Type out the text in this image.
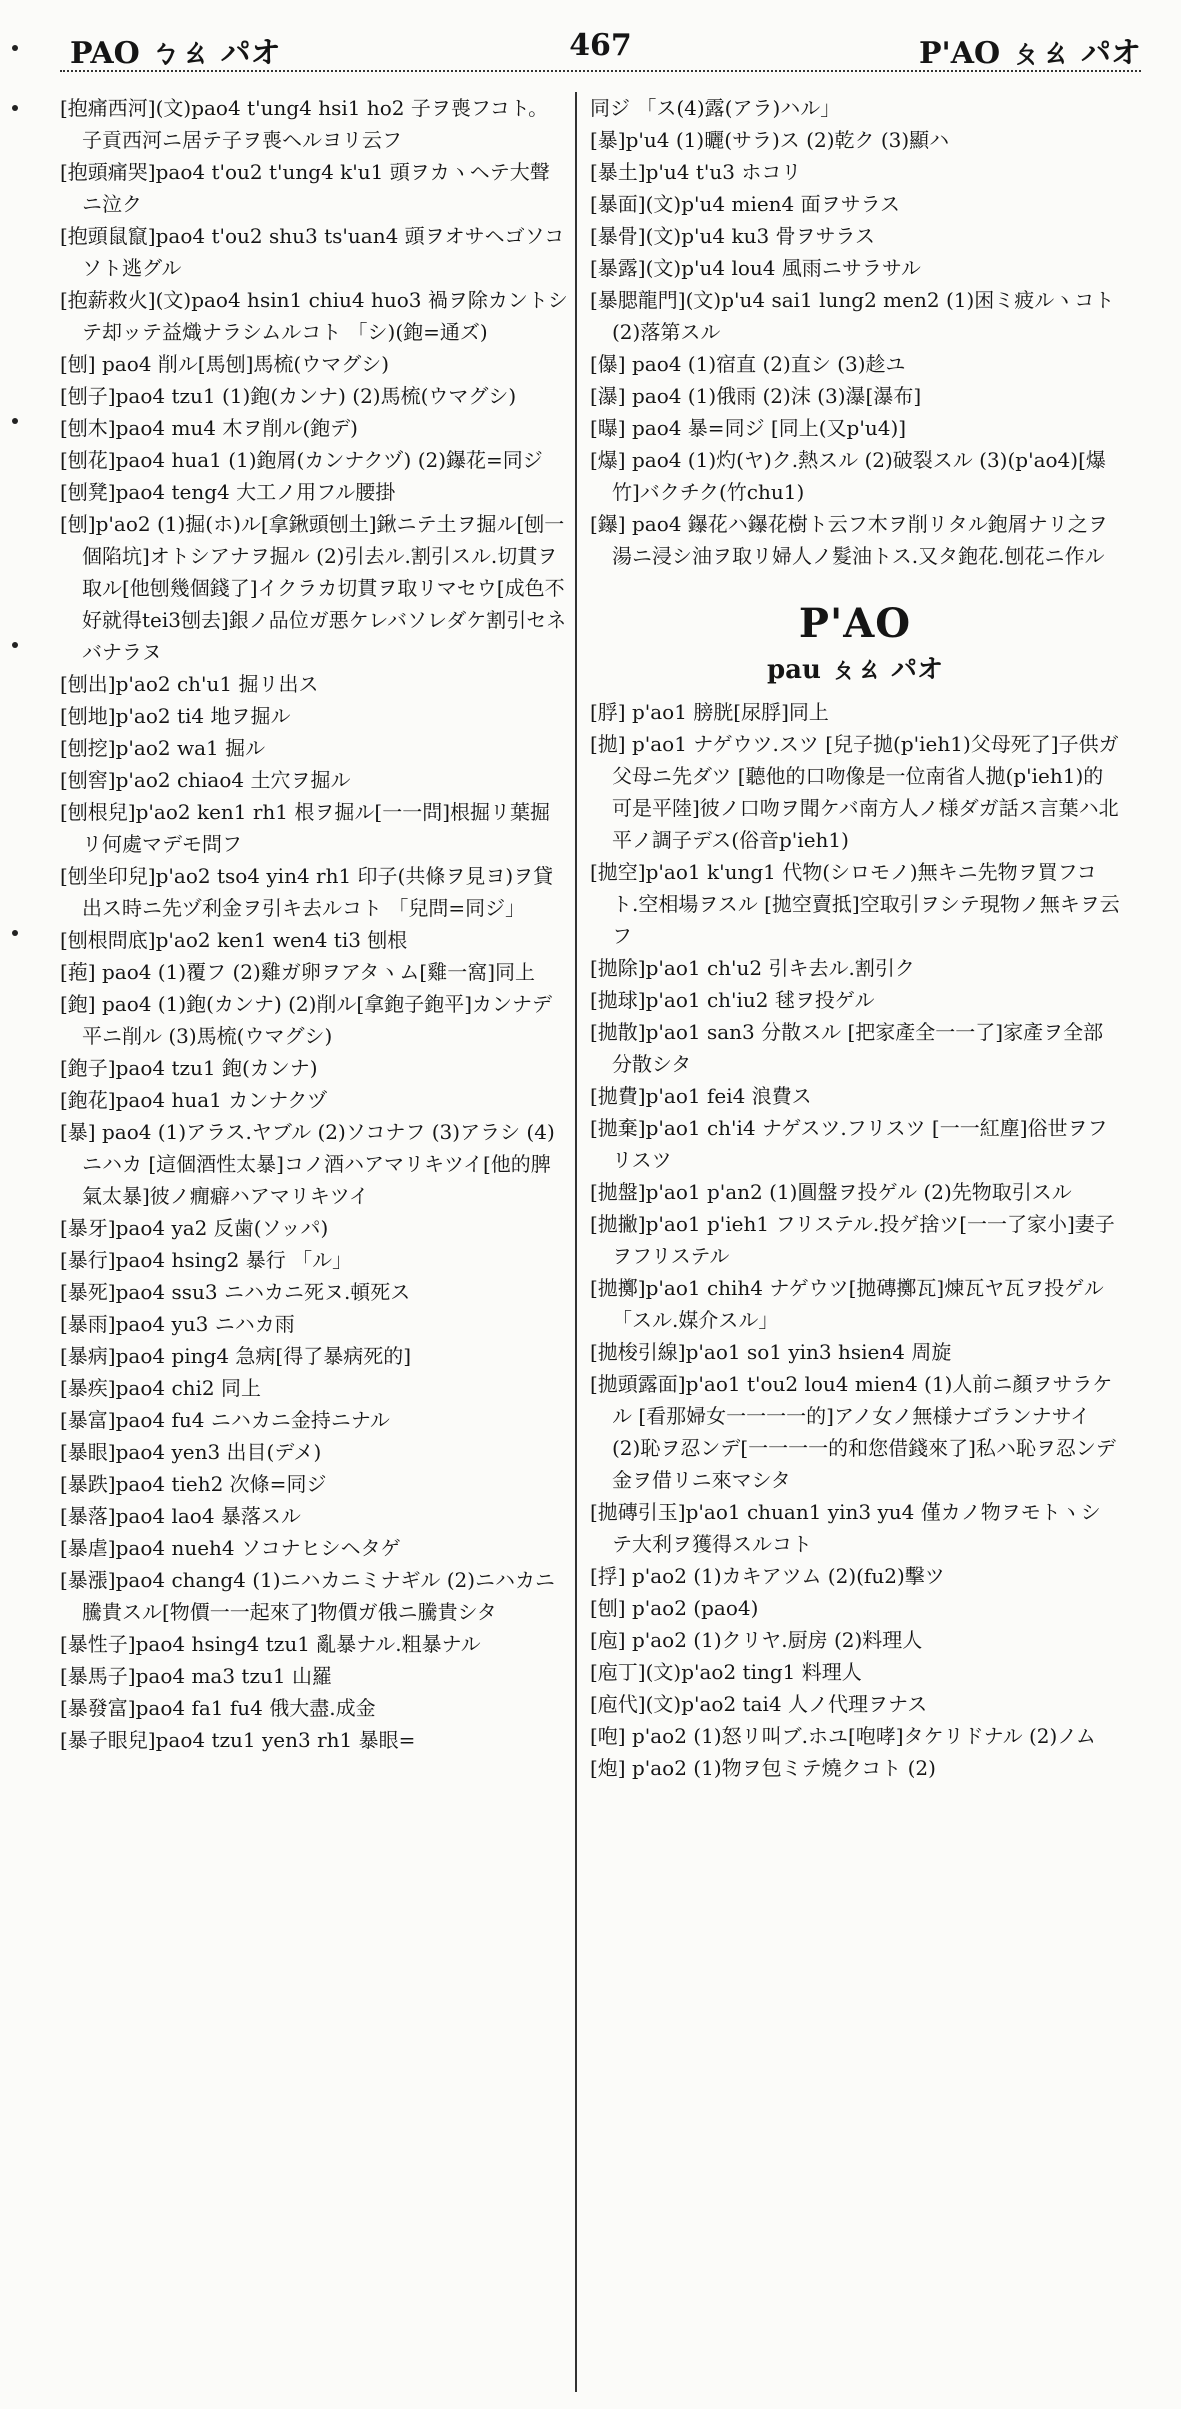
PAO ㄅㄠ パオ	467	P'AO ㄆㄠ パオ

[抱痛西河](文)pao4 t'ung4 hsi1 ho2 子ヲ喪フコト。子貢西河ニ居テ子ヲ喪ヘルヨリ云フ

[抱頭痛哭]pao4 t'ou2 t'ung4 k'u1 頭ヲカヽヘテ大聲ニ泣ク

[抱頭鼠竄]pao4 t'ou2 shu3 ts'uan4 頭ヲオサヘゴソコソト逃グル

[抱薪救火](文)pao4 hsin1 chiu4 huo3 禍ヲ除カントシテ却ッテ益熾ナラシムルコト 「シ)(鉋=通ズ)

[刨] pao4 削ル[馬刨]馬梳(ウマグシ)

[刨子]pao4 tzu1 (1)鉋(カンナ) (2)馬梳(ウマグシ)

[刨木]pao4 mu4 木ヲ削ル(鉋デ)

[刨花]pao4 hua1 (1)鉋屑(カンナクヅ) (2)鑤花=同ジ

[刨凳]pao4 teng4 大工ノ用フル腰掛

[刨]p'ao2 (1)掘(ホ)ル[拿鍬頭刨土]鍬ニテ土ヲ掘ル[刨一個陷坑]オトシアナヲ掘ル (2)引去ル.割引スル.切貫ヲ取ル[他刨幾個錢了]イクラカ切貫ヲ取リマセウ[成色不好就得tei3刨去]銀ノ品位ガ悪ケレバソレダケ割引セネバナラヌ

[刨出]p'ao2 ch'u1 掘リ出ス

[刨地]p'ao2 ti4 地ヲ掘ル

[刨挖]p'ao2 wa1 掘ル

[刨窖]p'ao2 chiao4 土穴ヲ掘ル

[刨根兒]p'ao2 ken1 rh1 根ヲ掘ル[一一問]根掘リ葉掘リ何處マデモ問フ

[刨坐印兒]p'ao2 tso4 yin4 rh1 印子(共條ヲ見ヨ)ヲ貸出ス時ニ先ヅ利金ヲ引キ去ルコト 「兒問=同ジ」

[刨根問底]p'ao2 ken1 wen4 ti3 刨根

[菢] pao4 (1)覆フ (2)雞ガ卵ヲアタヽム[雞一窩]同上

[鉋] pao4 (1)鉋(カンナ) (2)削ル[拿鉋子鉋平]カンナデ平ニ削ル (3)馬梳(ウマグシ)

[鉋子]pao4 tzu1 鉋(カンナ)

[鉋花]pao4 hua1 カンナクヅ

[暴] pao4 (1)アラス.ヤブル (2)ソコナフ (3)アラシ (4)ニハカ [這個酒性太暴]コノ酒ハアマリキツイ[他的脾氣太暴]彼ノ癇癖ハアマリキツイ

[暴牙]pao4 ya2 反歯(ソッパ)

[暴行]pao4 hsing2 暴行 「ル」

[暴死]pao4 ssu3 ニハカニ死ヌ.頓死ス

[暴雨]pao4 yu3 ニハカ雨

[暴病]pao4 ping4 急病[得了暴病死的]

[暴疾]pao4 chi2 同上

[暴富]pao4 fu4 ニハカニ金持ニナル

[暴眼]pao4 yen3 出目(デメ)

[暴跌]pao4 tieh2 次條=同ジ

[暴落]pao4 lao4 暴落スル

[暴虐]pao4 nueh4 ソコナヒシヘタゲ

[暴漲]pao4 chang4 (1)ニハカニミナギル (2)ニハカニ騰貴スル[物價一一起來了]物價ガ俄ニ騰貴シタ

[暴性子]pao4 hsing4 tzu1 亂暴ナル.粗暴ナル

[暴馬子]pao4 ma3 tzu1 山羅

[暴發富]pao4 fa1 fu4 俄大盡.成金

[暴子眼兒]pao4 tzu1 yen3 rh1 暴眼=

同ジ 「ス(4)露(アラ)ハル」

[暴]p'u4 (1)曬(サラ)ス (2)乾ク (3)顯ハ

[暴土]p'u4 t'u3 ホコリ

[暴面](文)p'u4 mien4 面ヲサラス

[暴骨](文)p'u4 ku3 骨ヲサラス

[暴露](文)p'u4 lou4 風雨ニサラサル

[暴腮龍門](文)p'u4 sai1 lung2 men2 (1)困ミ疲ルヽコト (2)落第スル

[儤] pao4 (1)宿直 (2)直シ (3)趁ユ

[瀑] pao4 (1)俄雨 (2)沫 (3)瀑[瀑布]

[曝] pao4 暴=同ジ [同上(又p'u4)]

[爆] pao4 (1)灼(ヤ)ク.熱スル (2)破裂スル (3)(p'ao4)[爆竹]バクチク(竹chu1)

[鑤] pao4 鑤花ハ鑤花樹ト云フ木ヲ削リタル鉋屑ナリ之ヲ湯ニ浸シ油ヲ取リ婦人ノ髮油トス.又タ鉋花.刨花ニ作ル

P'AO
pau ㄆㄠ パオ

[脬] p'ao1 膀胱[尿脬]同上

[拋] p'ao1 ナゲウツ.スツ [兒子拋(p'ieh1)父母死了]子供ガ父母ニ先ダツ [聽他的口吻像是一位南省人拋(p'ieh1)的可是平陸]彼ノ口吻ヲ聞ケバ南方人ノ様ダガ話ス言葉ハ北平ノ調子デス(俗音p'ieh1)

[拋空]p'ao1 k'ung1 代物(シロモノ)無キニ先物ヲ買フコト.空相場ヲスル [拋空賣抵]空取引ヲシテ現物ノ無キヲ云フ

[拋除]p'ao1 ch'u2 引キ去ル.割引ク

[拋球]p'ao1 ch'iu2 毬ヲ投ゲル

[拋散]p'ao1 san3 分散スル [把家產全一一了]家產ヲ全部分散シタ

[拋費]p'ao1 fei4 浪費ス

[拋棄]p'ao1 ch'i4 ナゲスツ.フリスツ [一一紅塵]俗世ヲフリスツ

[拋盤]p'ao1 p'an2 (1)圓盤ヲ投ゲル (2)先物取引スル

[拋撇]p'ao1 p'ieh1 フリステル.投ゲ捨ツ[一一了家小]妻子ヲフリステル

[拋擲]p'ao1 chih4 ナゲウツ[拋磚擲瓦]煉瓦ヤ瓦ヲ投ゲル 「スル.媒介スル」

[拋梭引線]p'ao1 so1 yin3 hsien4 周旋

[拋頭露面]p'ao1 t'ou2 lou4 mien4 (1)人前ニ顏ヲサラケル [看那婦女一一一一的]アノ女ノ無様ナゴランナサイ (2)恥ヲ忍ンデ[一一一一的和您借錢來了]私ハ恥ヲ忍ンデ金ヲ借リニ來マシタ

[拋磚引玉]p'ao1 chuan1 yin3 yu4 僅カノ物ヲモトヽシテ大利ヲ獲得スルコト

[捊] p'ao2 (1)カキアツム (2)(fu2)擊ツ

[刨] p'ao2 (pao4)

[庖] p'ao2 (1)クリヤ.厨房 (2)料理人

[庖丁](文)p'ao2 ting1 料理人

[庖代](文)p'ao2 tai4 人ノ代理ヲナス

[咆] p'ao2 (1)怒リ叫ブ.ホユ[咆哮]タケリドナル (2)ノム

[炮] p'ao2 (1)物ヲ包ミテ燒クコト (2)
